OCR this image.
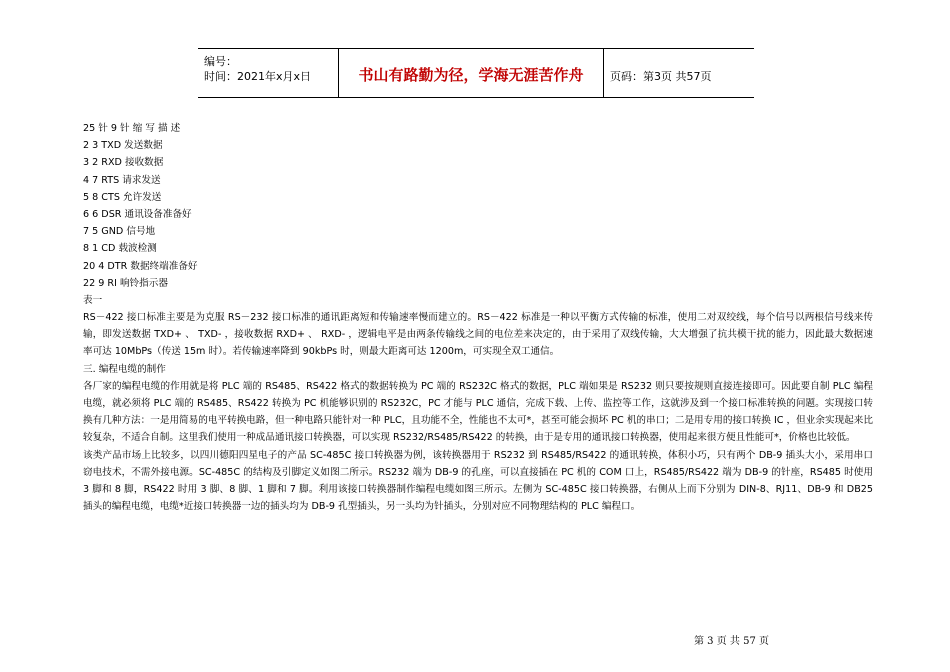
编号：
时间：2021年x月x日	书山有路勤为径，学海无涯苦作舟	页码：第3页 共57页
25 针 9 针 缩 写 描 述
2 3 TXD 发送数据
3 2 RXD 接收数据
4 7 RTS 请求发送
5 8 CTS 允许发送
6 6 DSR 通讯设备准备好
7 5 GND 信号地
8 1 CD 载波检测
20 4 DTR 数据终端准备好
22 9 RI 响铃指示器
表一
RS－422 接口标准主要是为克服 RS－232 接口标准的通讯距离短和传输速率慢而建立的。RS－422 标准是一种以平衡方式传输的标准，使用二对双绞线，每个信号以两根信号线来传输，即发送数据 TXD+ 、 TXD- ，接收数据 RXD+ 、 RXD- ，逻辑电平是由两条传输线之间的电位差来决定的，由于采用了双线传输，大大增强了抗共模干扰的能力，因此最大数据速率可达 10MbPs（传送 15m 时）。若传输速率降到 90kbPs 时，则最大距离可达 1200m，可实现全双工通信。
三. 编程电缆的制作
各厂家的编程电缆的作用就是将 PLC 端的 RS485、RS422 格式的数据转换为 PC 端的 RS232C 格式的数据，PLC 端如果是 RS232 则只要按规则直接连接即可。因此要自制 PLC 编程电缆，就必须将 PLC 端的 RS485、RS422 转换为 PC 机能够识别的 RS232C，PC 才能与 PLC 通信，完成下载、上传、监控等工作，这就涉及到一个接口标准转换的问题。实现接口转换有几种方法：一是用简易的电平转换电路，但一种电路只能针对一种 PLC，且功能不全，性能也不太可*，甚至可能会损坏 PC 机的串口；二是用专用的接口转换 IC ，但业余实现起来比较复杂，不适合自制。这里我们使用一种成品通讯接口转换器，可以实现 RS232/RS485/RS422 的转换，由于是专用的通讯接口转换器，使用起来很方便且性能可*，价格也比较低。
该类产品市场上比较多，以四川德阳四星电子的产品 SC-485C 接口转换器为例，该转换器用于 RS232 到 RS485/RS422 的通讯转换，体积小巧，只有两个 DB-9 插头大小，采用串口窃电技术，不需外接电源。SC-485C 的结构及引脚定义如图二所示。RS232 端为 DB-9 的孔座，可以直接插在 PC 机的 COM 口上，RS485/RS422 端为 DB-9 的针座，RS485 时使用 3 脚和 8 脚，RS422 时用 3 脚、8 脚、1 脚和 7 脚。利用该接口转换器制作编程电缆如图三所示。左侧为 SC-485C 接口转换器，右侧从上而下分别为 DIN-8、RJ11、DB-9 和 DB25 插头的编程电缆，电缆*近接口转换器一边的插头均为 DB-9 孔型插头，另一头均为针插头，分别对应不同物理结构的 PLC 编程口。
第 3 页 共 57 页
